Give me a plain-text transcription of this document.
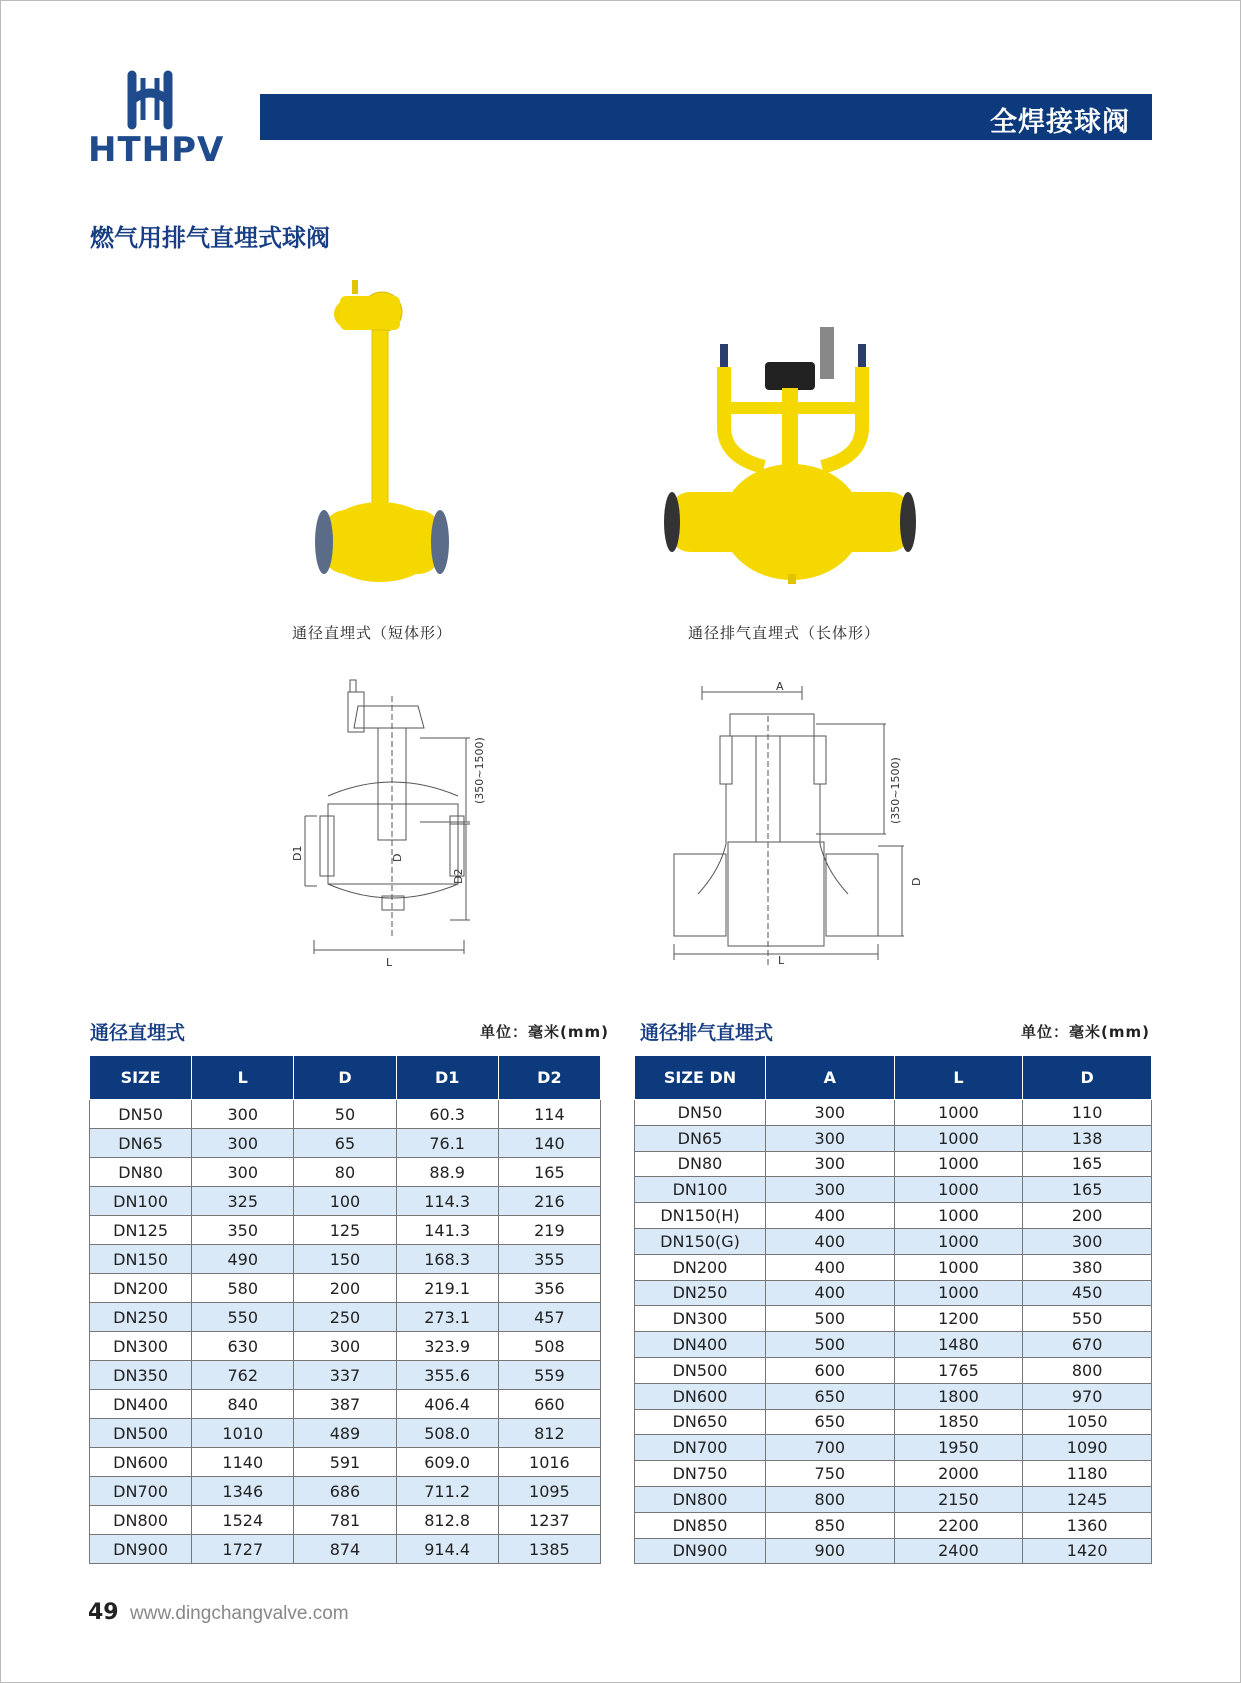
HTHPV
全焊接球阀
燃气用排气直埋式球阀
通径直埋式（短体形）	通径排气直埋式（长体形）
(350~1500)
D1	D
D2
L
A
(350~1500)
D
L
通径直埋式	单位：毫米(mm)
SIZE	L	D	D1	D2
DN50	300	50	60.3	114
DN65	300	65	76.1	140
DN80	300	80	88.9	165
DN100	325	100	114.3	216
DN125	350	125	141.3	219
DN150	490	150	168.3	355
DN200	580	200	219.1	356
DN250	550	250	273.1	457
DN300	630	300	323.9	508
DN350	762	337	355.6	559
DN400	840	387	406.4	660
DN500	1010	489	508.0	812
DN600	1140	591	609.0	1016
DN700	1346	686	711.2	1095
DN800	1524	781	812.8	1237
DN900	1727	874	914.4	1385
通径排气直埋式	单位：毫米(mm)
SIZE DN	A	L	D
DN50	300	1000	110
DN65	300	1000	138
DN80	300	1000	165
DN100	300	1000	165
DN150(H)	400	1000	200
DN150(G)	400	1000	300
DN200	400	1000	380
DN250	400	1000	450
DN300	500	1200	550
DN400	500	1480	670
DN500	600	1765	800
DN600	650	1800	970
DN650	650	1850	1050
DN700	700	1950	1090
DN750	750	2000	1180
DN800	800	2150	1245
DN850	850	2200	1360
DN900	900	2400	1420
49 www.dingchangvalve.com
